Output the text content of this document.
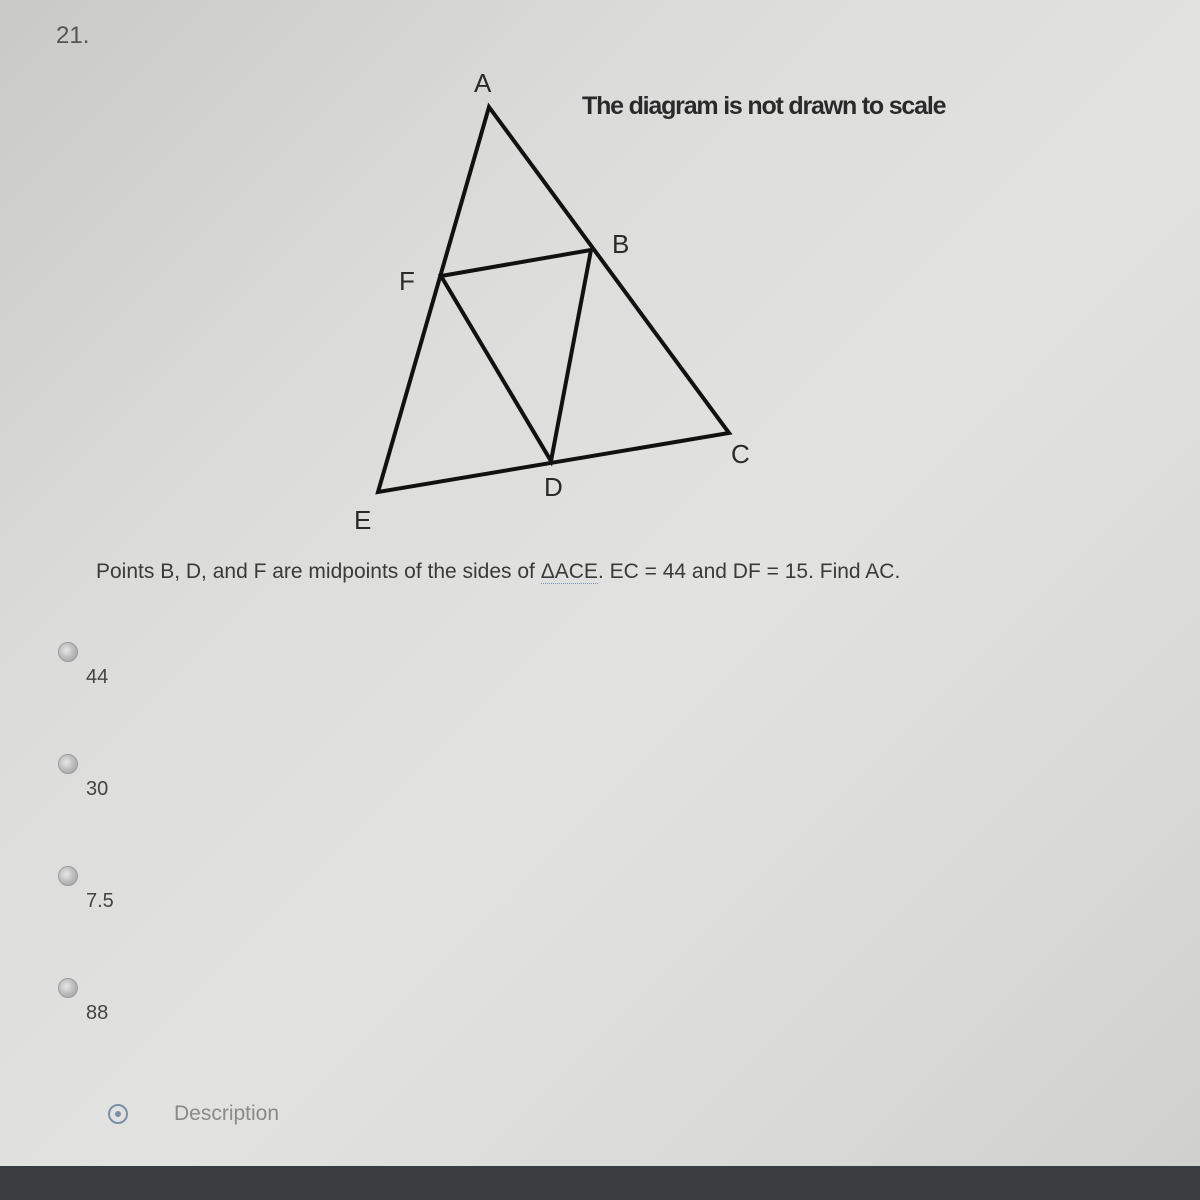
21.
A
B
C
D
E
F
The diagram is not drawn to scale
Points B, D, and F are midpoints of the sides of ΔACE. EC = 44 and DF = 15. Find AC.
44
30
7.5
88
Description
